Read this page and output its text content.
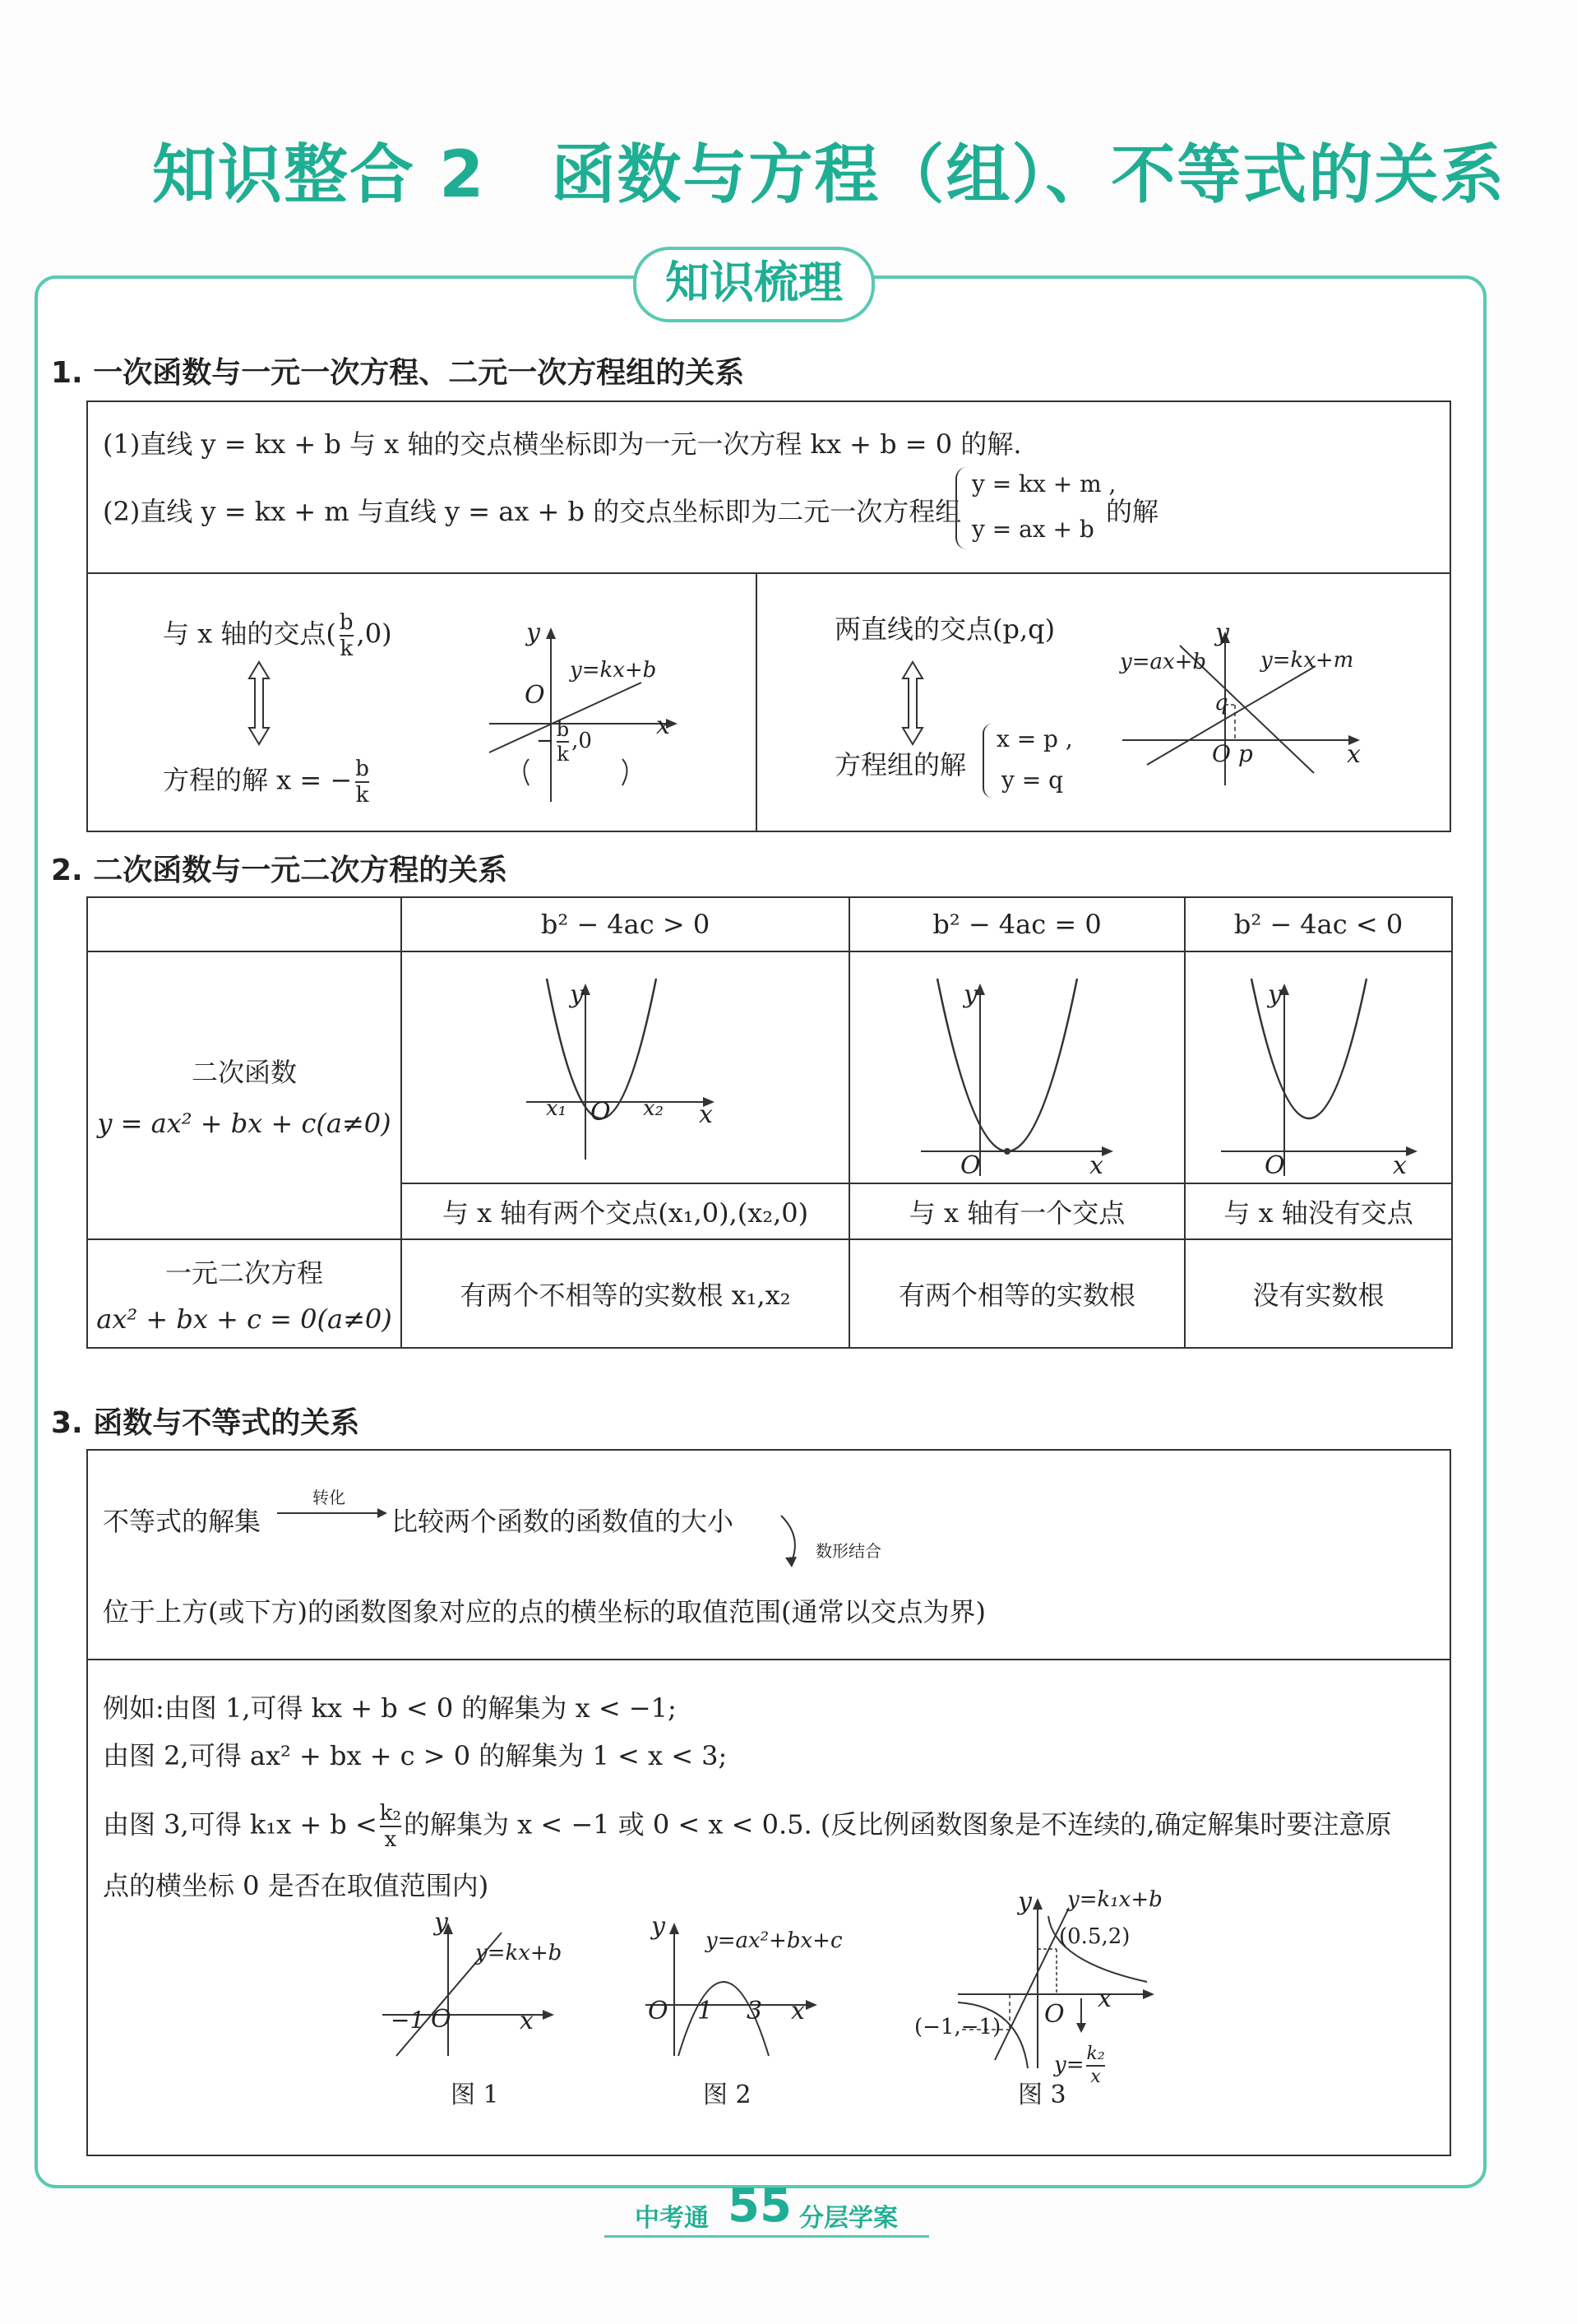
知识整合 2　函数与方程（组）、不等式的关系
知识梳理
1. 一次函数与一元一次方程、二元一次方程组的关系
(1)直线 y = kx + b 与 x 轴的交点横坐标即为一元一次方程 kx + b = 0 的解.
(2)直线 y = kx + m 与直线 y = ax + b 的交点坐标即为二元一次方程组
y = kx + m ,
y = ax + b
的解
与 x 轴的交点( $\frac{b}{k} ,0$)
方程的解 x = − $\frac{b}{k}$
y
O
x
y=kx+b
− $\frac{b}{k} ,0$
两直线的交点(p,q)
方程组的解
x = p ,
y = q
y
y=ax+b	y=kx+m
q
O p	x
2. 二次函数与一元二次方程的关系
	b² − 4ac > 0	b² − 4ac = 0	b² − 4ac < 0

二次函数
y = ax² + bx + c(a≠0)			

	与 x 轴有两个交点(x₁,0),(x₂,0)	与 x 轴有一个交点	与 x 轴没有交点

一元二次方程
ax² + bx + c = 0(a≠0)	有两个不相等的实数根 x₁,x₂	有两个相等的实数根	没有实数根
y
x₁ O x₂ x
y
O	x
y
O	x
3. 函数与不等式的关系
不等式的解集
转化
比较两个函数的函数值的大小
数形结合
位于上方(或下方)的函数图象对应的点的横坐标的取值范围(通常以交点为界)
例如:由图 1,可得 kx + b < 0 的解集为 x < −1;
由图 2,可得 ax² + bx + c > 0 的解集为 1 < x < 3;
由图 3,可得 $k_1x + b < \frac{\text{k₂}}{x}$ 的解集为 x < −1 或 0 < x < 0.5. (反比例函数图象是不连续的,确定解集时要注意原
点的横坐标 0 是否在取值范围内)
y
y=kx+b
−1 O	x
图 1
y y=ax²+bx+c
O 1 3 x
图 2
y y=k₁x+b
(0.5,2)
(−1,−1) O
x
$y= \frac{\text{k₂}}{x}$
图 3
中考通 55 分层学案
